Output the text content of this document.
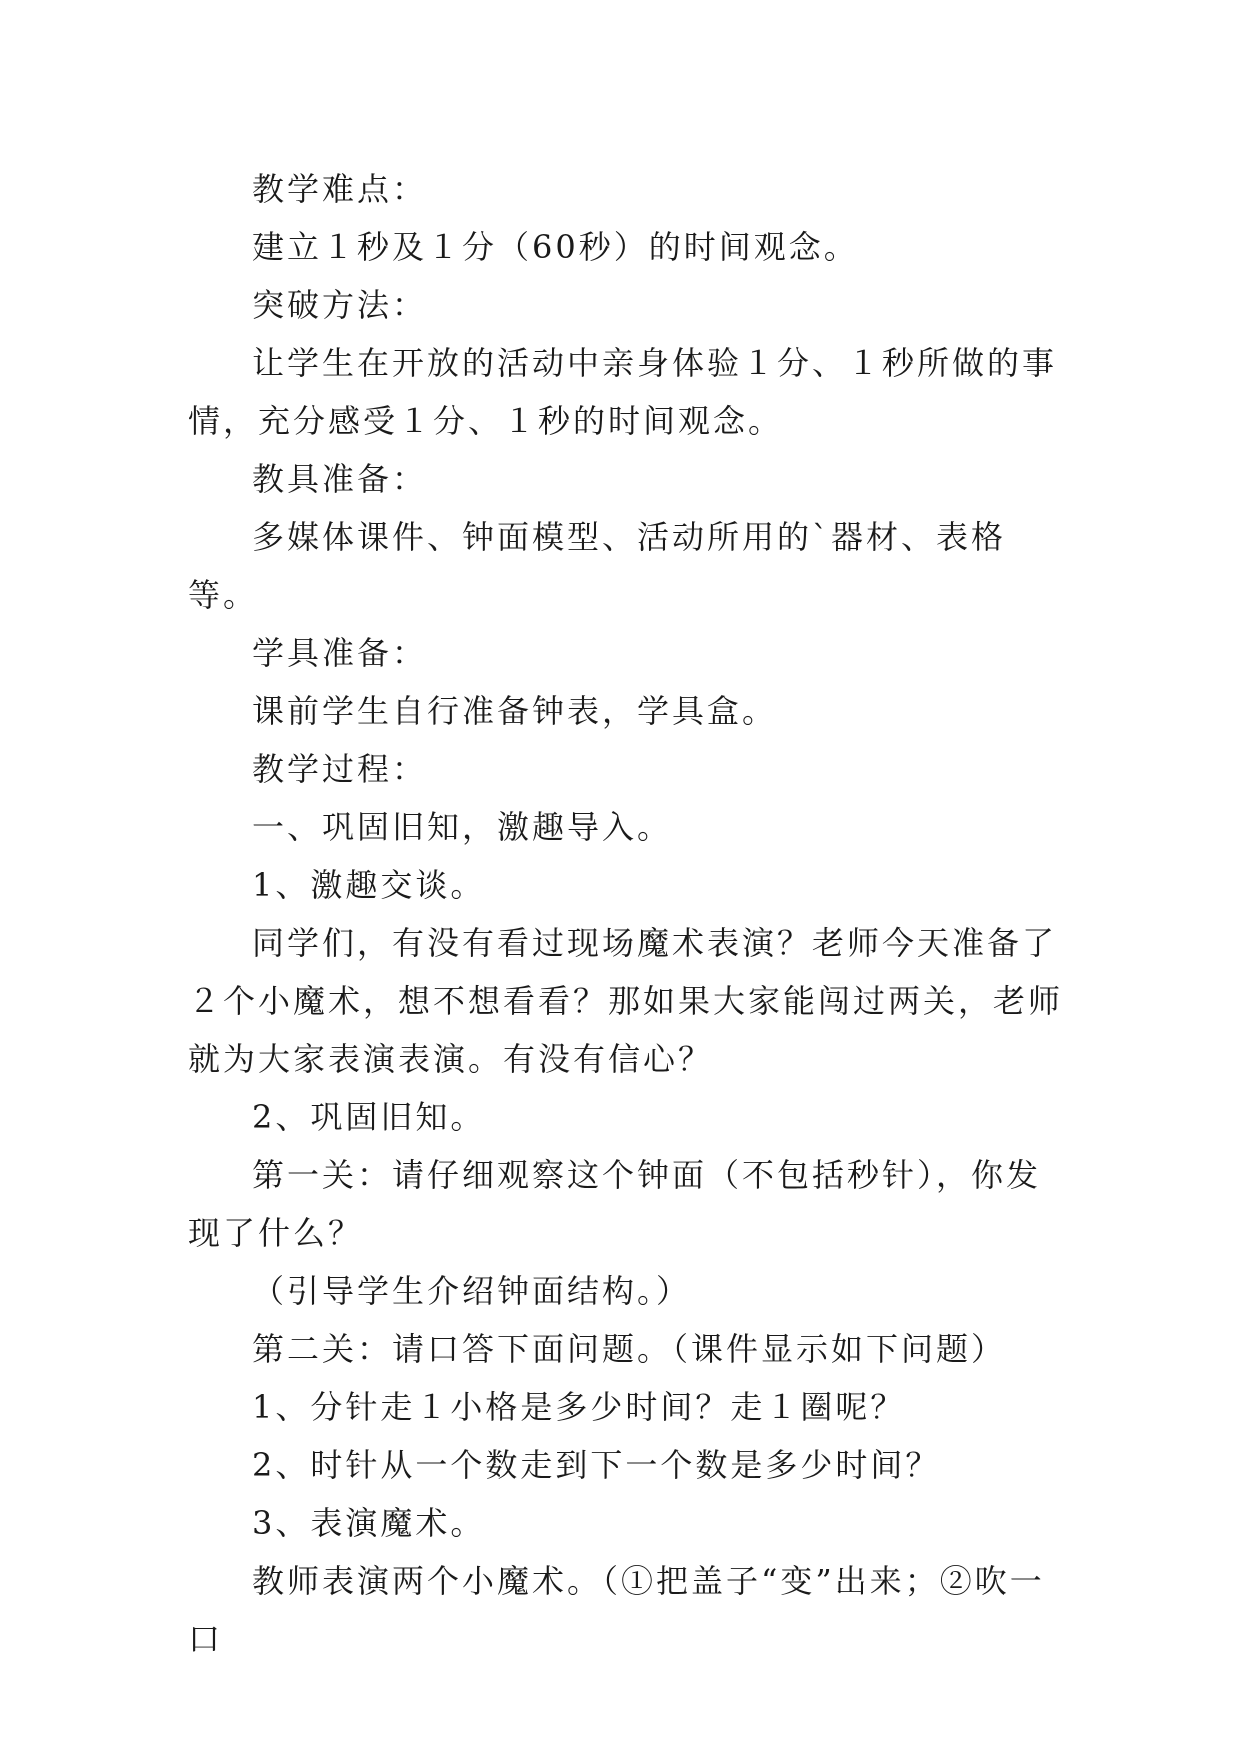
教学难点：

建立１秒及１分（60秒）的时间观念。

突破方法：

让学生在开放的活动中亲身体验１分、１秒所做的事情，充分感受１分、１秒的时间观念。

教具准备：

多媒体课件、钟面模型、活动所用的`器材、表格等。

学具准备：

课前学生自行准备钟表，学具盒。

教学过程：

一、巩固旧知，激趣导入。

1、激趣交谈。

同学们，有没有看过现场魔术表演？老师今天准备了２个小魔术，想不想看看？那如果大家能闯过两关，老师就为大家表演表演。有没有信心？

2、巩固旧知。

第一关：请仔细观察这个钟面（不包括秒针），你发现了什么？

（引导学生介绍钟面结构。）

第二关：请口答下面问题。（课件显示如下问题）

1、分针走１小格是多少时间？走１圈呢？

2、时针从一个数走到下一个数是多少时间？

3、表演魔术。

教师表演两个小魔术。（①把盖子“变”出来；②吹一口
